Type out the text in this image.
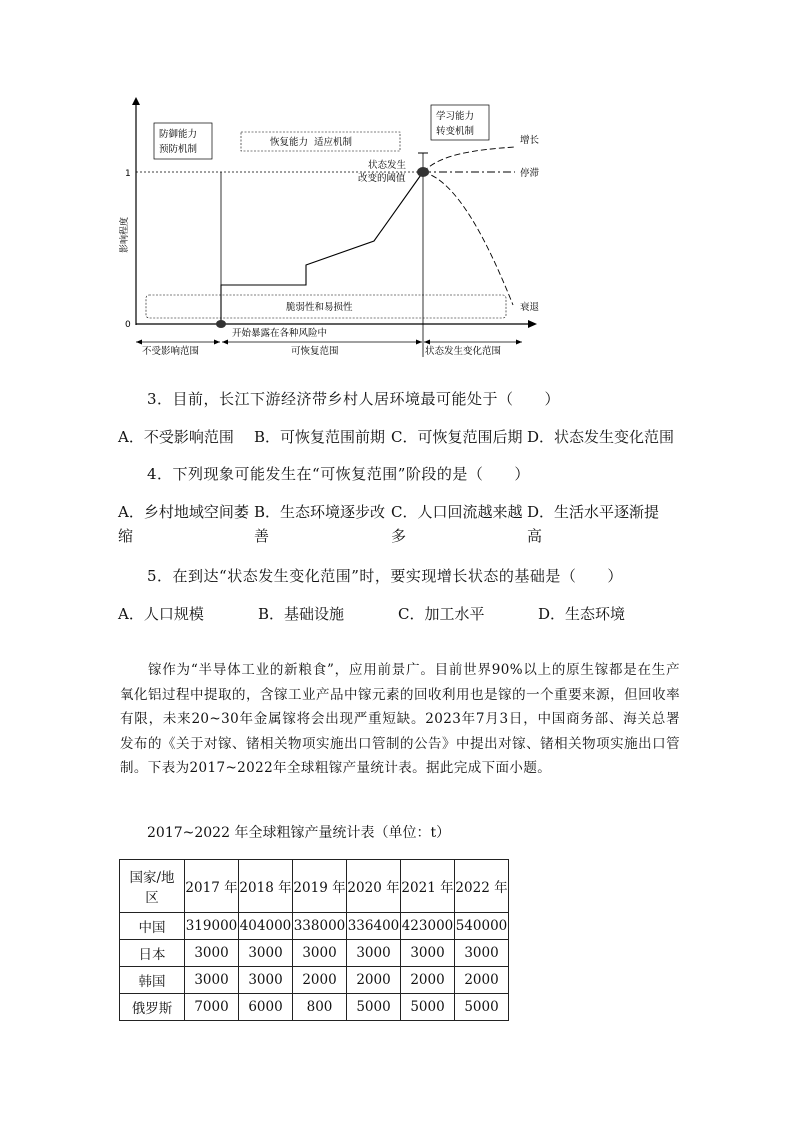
影响程度
1
0
防御能力
预防机制
恢复能力  适应机制
学习能力
转变机制
状态发生
改变的阈值
增长
停滞
衰退
脆弱性和易损性
开始暴露在各种风险中
不受影响范围	可恢复范围	状态发生变化范围
3．目前，长江下游经济带乡村人居环境最可能处于（　　）
A．不受影响范围 B．可恢复范围前期 C．可恢复范围后期 D．状态发生变化范围
4．下列现象可能发生在“可恢复范围”阶段的是（　　）
A．乡村地域空间萎缩
B．生态环境逐步改善
C．人口回流越来越多
D．生活水平逐渐提高
5．在到达“状态发生变化范围”时，要实现增长状态的基础是（　　）
A．人口规模	B．基础设施	C．加工水平	D．生态环境
镓作为“半导体工业的新粮食”，应用前景广。目前世界90%以上的原生镓都是在生产氧化铝过程中提取的，含镓工业产品中镓元素的回收利用也是镓的一个重要来源，但回收率有限，未来20~30年金属镓将会出现严重短缺。2023年7月3日，中国商务部、海关总署发布的《关于对镓、锗相关物项实施出口管制的公告》中提出对镓、锗相关物项实施出口管制。下表为2017~2022年全球粗镓产量统计表。据此完成下面小题。
2017~2022 年全球粗镓产量统计表（单位：t）
国家/地
区	2017 年	2018 年	2019 年	2020 年	2021 年	2022 年
中国	319000	404000	338000	336400	423000	540000
日本	3000	3000	3000	3000	3000	3000
韩国	3000	3000	2000	2000	2000	2000
俄罗斯	7000	6000	800	5000	5000	5000
